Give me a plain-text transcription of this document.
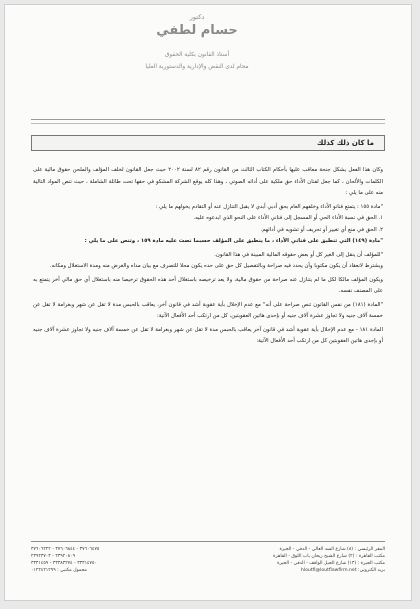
دكتور
حسام لطفي
أستاذ القانون بكلية الحقوق
محام لدى النقض والإدارية والدستورية العليا
ما كان ذلك كذلك

وكان هذا الفعل يشكل جنحة معاقب عليها بأحكام الكتاب الثالث من القانون رقم ٨٢ لسنة ٢٠٠٢ حيث جعل القانون لخلف المؤلف والملحن حقوق مالية على الكلمات والألحان ، كما جعل لفنان الأداء حق ملكية على أدائه الصوتي ، وهذا كله يوقع الشركة المشكو في حقها تحت طائلة الشاملة ، حيث تنص المواد التالية منه على ما يلي :

"مادة ١٥٥ : يتمتع فنانو الأداء وخلفهم العام بحق أدبي أبدي لا يقبل التنازل عنه أو التقادم يخولهم ما يلي :

١. الحق في نسبة الأداء الحي أو المسجل إلى فناني الأداء على النحو الذي ابدعوه عليه.

٢. الحق في منع أي تغيير أو تحريف أو تشويه في أدائهم.

"مادة (١٤٩) التي تنطبق على فناني الأداء ، ما ينطبق على المؤلف حسبما نصت عليه مادة ١٥٩ ، وتنص على ما يلي :

"للمؤلف أن ينقل إلى الغير كل أو بعض حقوقه المالية المبينة في هذا القانون.

ويشترط لانعقاد أن يكون مكتوبا وأن يحدد فيه صراحة وبالتفصيل كل حق على حده يكون محلا للتصرف مع بيان مداه والغرض منه ومدة الاستغلال ومكانه.

ويكون المؤلف مالكا لكل ما لم يتنازل عنه صراحة من حقوق مالية، ولا يعد ترخيصه باستغلال أحد هذه الحقوق ترخيصا منه باستغلال أي حق مالي آخر يتمتع به على المصنف نفسه.

"المادة (١٨١) من نفس القانون تنص صراحة على أنه" مع عدم الإخلال بأية عقوبة أشد في قانون آخر، يعاقب بالحبس مدة لا تقل عن شهر وبغرامة لا تقل عن خمسة آلاف جنيه ولا تجاوز عشرة آلاف جنيه أو بإحدى هاتين العقوبتين، كل من ارتكب أحد الأفعال الآتية:

المادة ١٨١ - مع عدم الإخلال بأية عقوبة أشد في قانون آخر يعاقب بالحبس مدة لا تقل عن شهر وبغرامة لا تقل عن خمسة آلاف جنيه ولا تجاوز عشرة آلاف جنيه أو بإحدى هاتين العقوبتين كل من ارتكب أحد الأفعال الآتية:

المقر الرئيسي : (٨) شارع السد العالي - الدقي - الجيزة
مكتب القاهرة : (٢) شارع الشيخ ريحان باب اللوق - القاهرة
مكتب الجيزة : (١٣) شارع الجيل الواقف - الدقي - الجيزة
بريد الكتروني: hloutfi@loutflawfirm.net
٣٧٦٠٦٤٧٥ - ٣٧٦٠٦٨٤٤ - ٣٧٦٠٦٢٢٢
٢٣٩٢٠٨٠٩ - ٢٣٩٢٣٧٠٣
٣٣٣١٤٧٥٠ - ٣٣٣٨٣٢٧٤ - ٣٣٣١٤٥٩
محمول مكتبي : ٠١٢٢٤٢١٢٩٩
